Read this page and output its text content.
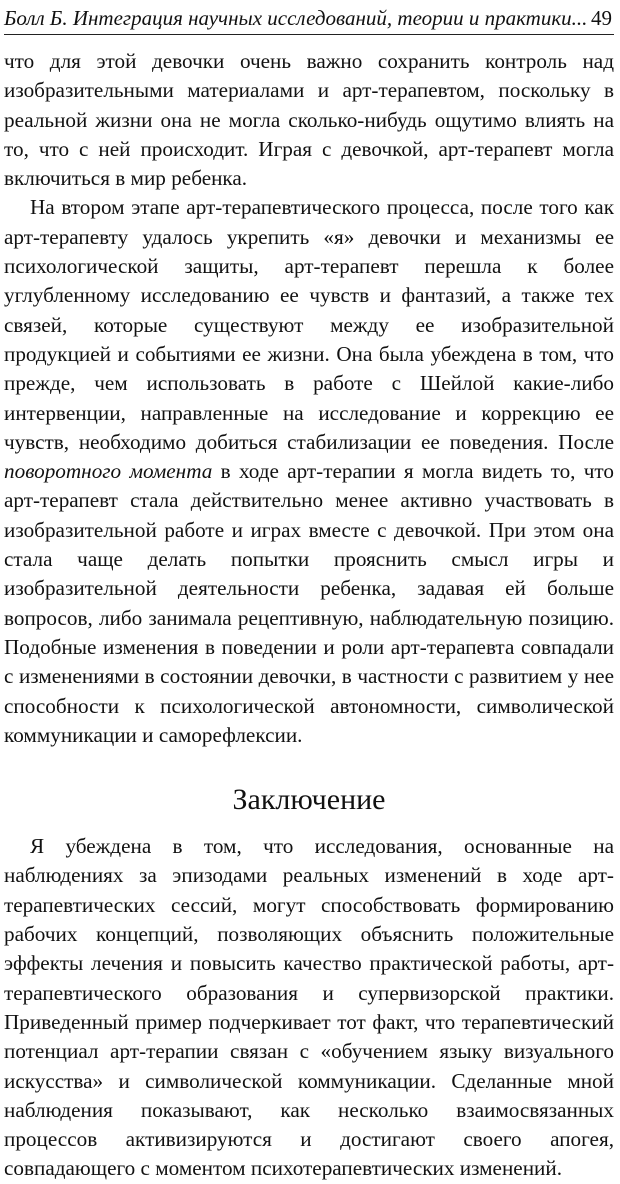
Болл Б. Интеграция научных исследований, теории и практики... 49

что для этой девочки очень важно сохранить контроль над изобразительными материалами и арт-терапевтом, поскольку в реальной жизни она не могла сколько-нибудь ощутимо влиять на то, что с ней происходит. Играя с девочкой, арт-терапевт могла включиться в мир ребенка.

На втором этапе арт-терапевтического процесса, после того как арт-терапевту удалось укрепить «я» девочки и механизмы ее психологической защиты, арт-терапевт перешла к более углубленному исследованию ее чувств и фантазий, а также тех связей, которые существуют между ее изобразительной продукцией и событиями ее жизни. Она была убеждена в том, что прежде, чем использовать в работе с Шейлой какие-либо интервенции, направленные на исследование и коррекцию ее чувств, необходимо добиться стабилизации ее поведения. После поворотного момента в ходе арт-терапии я могла видеть то, что арт-терапевт стала действительно менее активно участвовать в изобразительной работе и играх вместе с девочкой. При этом она стала чаще делать попытки прояснить смысл игры и изобразительной деятельности ребенка, задавая ей больше вопросов, либо занимала рецептивную, наблюдательную позицию. Подобные изменения в поведении и роли арт-терапевта совпадали с изменениями в состоянии девочки, в частности с развитием у нее способности к психологической автономности, символической коммуникации и саморефлексии.

Заключение

Я убеждена в том, что исследования, основанные на наблюдениях за эпизодами реальных изменений в ходе арт-терапевтических сессий, могут способствовать формированию рабочих концепций, позволяющих объяснить положительные эффекты лечения и повысить качество практической работы, арт-терапевтического образования и супервизорской практики. Приведенный пример подчеркивает тот факт, что терапевтический потенциал арт-терапии связан с «обучением языку визуального искусства» и символической коммуникации. Сделанные мной наблюдения показывают, как несколько взаимосвязанных процессов активизируются и достигают своего апогея, совпадающего с моментом психотерапевтических изменений.
